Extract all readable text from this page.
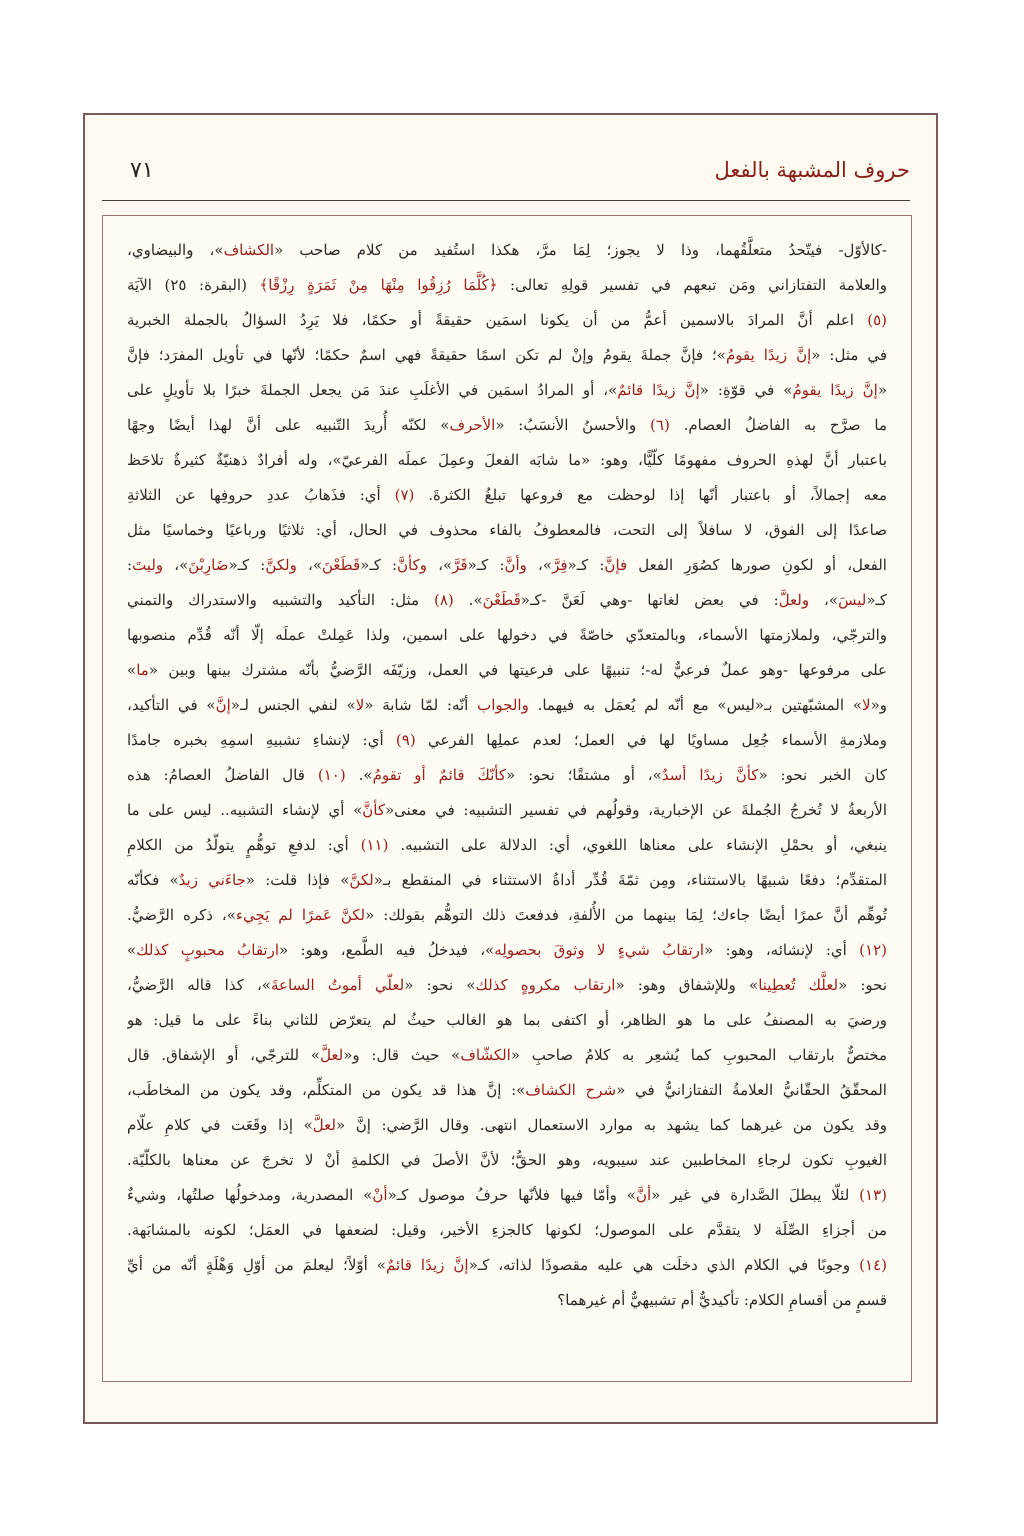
حروف المشبهة بالفعل
٧١
-كالأوّل- فيتّحدُ متعلَّقُهما، وذا لا يجوز؛ لِمَا مرَّ، هكذا استُفيد من كلام صاحب «الكشاف»، والبيضاوي،
والعلامة التفتازاني ومَن تبعهم في تفسير قولِهِ تعالى: ﴿كُلَّمَا رُزِقُوا مِنْهَا مِنْ ثَمَرَةٍ رِزْقًا﴾ (البقرة: ٢٥) الآيَة
(٥) اعلم أنَّ المرادَ بالاسمين أعمُّ من أن يكونا اسمَين حقيقةً أو حكمًا، فلا يَرِدُ السؤالُ بالجملة الخبرية
في مثل: «إنَّ زيدًا يقومُ»؛ فإنَّ جملةَ يقومُ وإنْ لم تكن اسمًا حقيقةً فهي اسمٌ حكمًا؛ لأنّها في تأويل المفرَد؛ فإنَّ
«إنَّ زيدًا يقومُ» في قوّةِ: «إنَّ زيدًا قائمٌ»، أو المرادُ اسمَين في الأغلَبِ عندَ مَن يجعل الجملةَ خبرًا بلا تأويلٍ على
ما صرَّح به الفاضلُ العصام. (٦) والأحسنُ الأنسَبُ: «الأحرف» لكنّه أُريدَ التّنبيه على أنَّ لهذا أيضًا وجهًا
باعتبار أنَّ لهذهِ الحروف مفهومًا كلّيًّا، وهو: «ما شابَه الفعلَ وعمِلَ عملَه الفرعيّ»، وله أفرادٌ ذهنيّةٌ كثيرةٌ تلاحَظ
معه إجمالاً، أو باعتبار أنّها إذا لوحظت مع فروعها تبلغُ الكثرةَ. (٧) أي: فذَهابُ عددِ حروفِها عن الثلاثةِ
صاعدًا إلى الفوق، لا سافلاً إلى التحت، فالمعطوفُ بالفاء محذوف في الحال، أي: ثلاثيًا ورباعيًا وخماسيًا مثل
الفعل، أو لكونِ صورها كصُوَرِ الفعل فإنَّ: كـ«فِرَّ»، وأنَّ: كـ«قَرَّ»، وكأنَّ: كـ«قَطَعْنَ»، ولكنَّ: كـ«ضَارِبْنَ»، وليتَ:
كـ«ليسَ»، ولعلَّ: في بعض لغاتها -وهي لَعَنَّ -كـ«قَطَعْنَ». (٨) مثل: التأكيد والتشبيه والاستدراك والتمني
والترجّي، ولملازمتها الأسماء، وبالمتعدّي خاصّةً في دخولها على اسمين، ولذا عَمِلتْ عملَه إلّا أنّه قُدِّم منصوبها
على مرفوعها -وهو عملٌ فرعيٌّ له-؛ تنبيهًا على فرعيتها في العمل، وزيّفَه الرَّضيُّ بأنّه مشترك بينها وبين «ما»
و«لا» المشبّهتين بـ«ليس» مع أنّه لم يُعمَل به فيهما. والجواب أنّه: لمّا شابهَ «لا» لنفي الجنس لـ«إنَّ» في التأكيد،
وملازمةِ الأسماء جُعِل مساويًا لها في العمل؛ لعدم عملِها الفرعي (٩) أي: لإنشاءِ تشبيهِ اسمِهِ بخبره جامدًا
كان الخبر نحو: «كأنَّ زيدًا أسدٌ»، أو مشتقًا؛ نحو: «كأنّكَ قائمٌ أو تقومُ». (١٠) قال الفاضلُ العصامُ: هذه
الأربعةُ لا تُخرجُ الجُملةَ عن الإخبارية، وقولُهم في تفسير التشبيه: في معنى«كأنَّ» أي لإنشاء التشبيه.. ليس على ما
ينبغي، أو بحمْلِ الإنشاء على معناها اللغوي، أي: الدلالة على التشبيه. (١١) أي: لدفعِ توهُّمٍ يتولّدُ من الكلامِ
المتقدِّم؛ دفعًا شبيهًا بالاستثناء، ومِن ثمّةَ قُدِّر أداةُ الاستثناء في المنقطع بـ«لكنَّ» فإذا قلت: «جاءَني زيدٌ» فكأنّه
تُوهِّم أنَّ عمرًا أيضًا جاءك؛ لِمَا بينهما من الأُلفةِ، فدفعتَ ذلك التوهُّم بقولك: «لكنَّ عَمرًا لم يَجِيء»، ذكره الرَّضيُّ.
(١٢) أي: لإنشائه، وهو: «ارتقابُ شيءٍ لا وثوقَ بحصولِه»، فيدخلُ فيه الطَّمع، وهو: «ارتقابُ محبوبٍ كذلك»
نحو: «لعلَّك تُعطِينا» وللإشفاق وهو: «ارتقاب مكروهٍ كذلك» نحو: «لعلّي أموتُ الساعةَ»، كذا قاله الرَّضيُّ،
ورضيَ به المصنفُ على ما هو الظاهر، أو اكتفى بما هو الغالب حيثُ لم يتعرّض للثاني بناءً على ما قيل: هو
مختصٌّ بارتقاب المحبوبِ كما يُشعِر به كلامُ صاحبِ «الكشّاف» حيث قال: و«لعلَّ» للترجّي، أو الإشفاق. قال
المحقّقُ الحقّانيُّ العلامةُ التفتازانيُّ في «شرح الكشاف»: إنَّ هذا قد يكون من المتكلِّم، وقد يكون من المخاطَب،
وقد يكون من غيرهما كما يشهد به موارد الاستعمال انتهى. وقال الرَّضي: إنَّ «لعلَّ» إذا وقَعَت في كلامِ علّام
الغيوبِ تكون لرجاءِ المخاطبين عند سيبويه، وهو الحقُّ؛ لأنَّ الأصلَ في الكلمةِ أنْ لا تخرجَ عن معناها بالكلّيّة.
(١٣) لئلّا يبطلَ الصَّدارة في غير «أنَّ» وأمّا فيها فلأنّها حرفُ موصول كـ«أنْ» المصدرية، ومدخولُها صلتُها، وشيءٌ
من أجزاءِ الصِّلَة لا يتقدَّم على الموصول؛ لكونها كالجزءِ الأخير، وقيل: لضعفها في العمَل؛ لكونه بالمشابَهة.
(١٤) وجوبًا في الكلام الذي دخلَت هي عليه مقصودًا لذاته، كـ«إنَّ زيدًا قائمٌ» أوّلاً؛ ليعلمَ من أوّلِ وَهْلَةٍ أنّه من أيِّ
قسمٍ من أقسامِ الكلام: تأكيديٌّ أم تشبيهيٌّ أم غيرهما؟
